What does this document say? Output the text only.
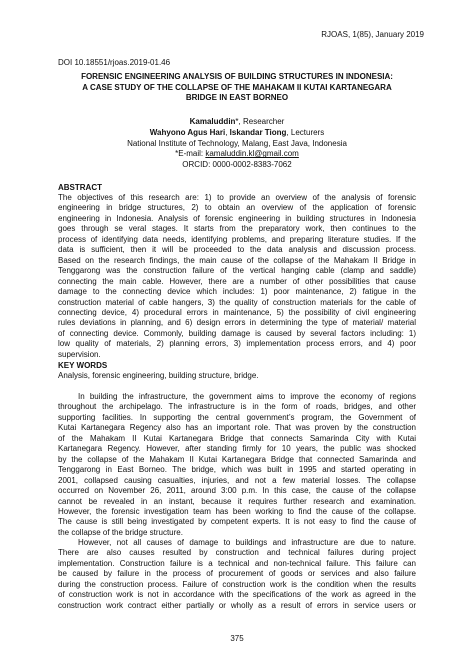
RJOAS, 1(85), January 2019
DOI 10.18551/rjoas.2019-01.46
FORENSIC ENGINEERING ANALYSIS OF BUILDING STRUCTURES IN INDONESIA:
A CASE STUDY OF THE COLLAPSE OF THE MAHAKAM II KUTAI KARTANEGARA
BRIDGE IN EAST BORNEO
Kamaluddin*, Researcher
Wahyono Agus Hari, Iskandar Tiong, Lecturers
National Institute of Technology, Malang, East Java, Indonesia
*E-mail: kamaluddin.kl@gmail.com
ORCID: 0000-0002-8383-7062
ABSTRACT
The objectives of this research are: 1) to provide an overview of the analysis of forensic
engineering in bridge structures, 2) to obtain an overview of the application of forensic
engineering in Indonesia. Analysis of forensic engineering in building structures in Indonesia
goes through se veral stages. It starts from the preparatory work, then continues to the
process of identifying data needs, identifying problems, and preparing literature studies. If the
data is sufficient, then it will be proceeded to the data analysis and discussion process.
Based on the research findings, the main cause of the collapse of the Mahakam II Bridge in
Tenggarong was the construction failure of the vertical hanging cable (clamp and saddle)
connecting the main cable. However, there are a number of other possibilities that cause
damage to the connecting device which includes: 1) poor maintenance, 2) fatigue in the
construction material of cable hangers, 3) the quality of construction materials for the cable of
connecting device, 4) procedural errors in maintenance, 5) the possibility of civil engineering
rules deviations in planning, and 6) design errors in determining the type of material/ material
of connecting device. Commonly, building damage is caused by several factors including: 1)
low quality of materials, 2) planning errors, 3) implementation process errors, and 4) poor
supervision.
KEY WORDS
Analysis, forensic engineering, building structure, bridge.
In building the infrastructure, the government aims to improve the economy of regions
throughout the archipelago. The infrastructure is in the form of roads, bridges, and other
supporting facilities. In supporting the central government’s program, the Government of
Kutai Kartanegara Regency also has an important role. That was proven by the construction
of the Mahakam II Kutai Kartanegara Bridge that connects Samarinda City with Kutai
Kartanegara Regency. However, after standing firmly for 10 years, the public was shocked
by the collapse of the Mahakam II Kutai Kartanegara Bridge that connected Samarinda and
Tenggarong in East Borneo. The bridge, which was built in 1995 and started operating in
2001, collapsed causing casualties, injuries, and not a few material losses. The collapse
occurred on November 26, 2011, around 3:00 p.m. In this case, the cause of the collapse
cannot be revealed in an instant, because it requires further research and examination.
However, the forensic investigation team has been working to find the cause of the collapse.
The cause is still being investigated by competent experts. It is not easy to find the cause of
the collapse of the bridge structure.
However, not all causes of damage to buildings and infrastructure are due to nature.
There are also causes resulted by construction and technical failures during project
implementation. Construction failure is a technical and non-technical failure. This failure can
be caused by failure in the process of procurement of goods or services and also failure
during the construction process. Failure of construction work is the condition when the results
of construction work is not in accordance with the specifications of the work as agreed in the
construction work contract either partially or wholly as a result of errors in service users or
375
